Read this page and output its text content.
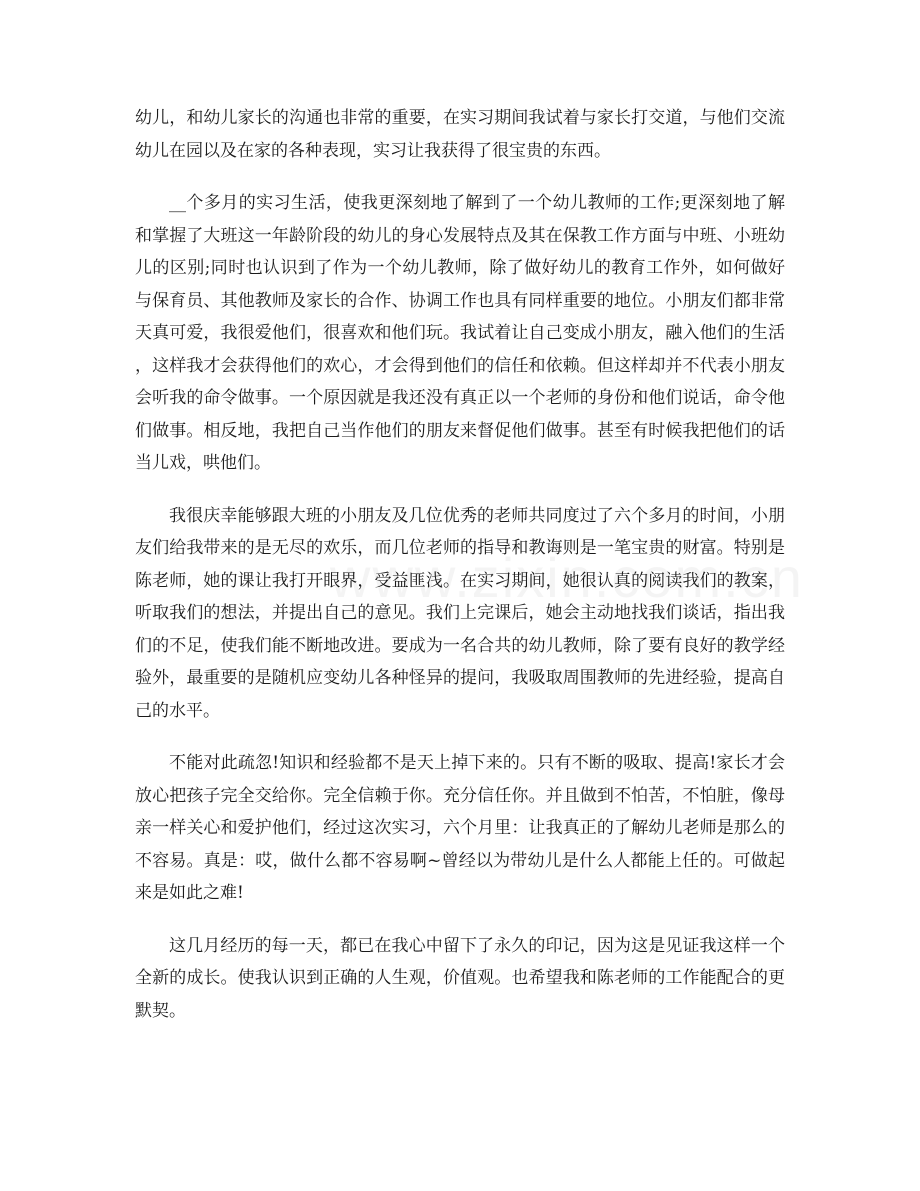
幼儿，和幼儿家长的沟通也非常的重要，在实习期间我试着与家长打交道，与他们交流幼儿在园以及在家的各种表现，实习让我获得了很宝贵的东西。

__个多月的实习生活，使我更深刻地了解到了一个幼儿教师的工作;更深刻地了解和掌握了大班这一年龄阶段的幼儿的身心发展特点及其在保教工作方面与中班、小班幼儿的区别;同时也认识到了作为一个幼儿教师，除了做好幼儿的教育工作外，如何做好与保育员、其他教师及家长的合作、协调工作也具有同样重要的地位。小朋友们都非常天真可爱，我很爱他们，很喜欢和他们玩。我试着让自己变成小朋友，融入他们的生活，这样我才会获得他们的欢心，才会得到他们的信任和依赖。但这样却并不代表小朋友会听我的命令做事。一个原因就是我还没有真正以一个老师的身份和他们说话，命令他们做事。相反地，我把自己当作他们的朋友来督促他们做事。甚至有时候我把他们的话当儿戏，哄他们。

我很庆幸能够跟大班的小朋友及几位优秀的老师共同度过了六个多月的时间，小朋友们给我带来的是无尽的欢乐，而几位老师的指导和教诲则是一笔宝贵的财富。特别是陈老师，她的课让我打开眼界，受益匪浅。在实习期间，她很认真的阅读我们的教案，听取我们的想法，并提出自己的意见。我们上完课后，她会主动地找我们谈话，指出我们的不足，使我们能不断地改进。要成为一名合共的幼儿教师，除了要有良好的教学经验外，最重要的是随机应变幼儿各种怪异的提问，我吸取周围教师的先进经验，提高自己的水平。

不能对此疏忽!知识和经验都不是天上掉下来的。只有不断的吸取、提高!家长才会放心把孩子完全交给你。完全信赖于你。充分信任你。并且做到不怕苦，不怕脏，像母亲一样关心和爱护他们，经过这次实习，六个月里：让我真正的了解幼儿老师是那么的不容易。真是：哎，做什么都不容易啊~曾经以为带幼儿是什么人都能上任的。可做起来是如此之难!

这几月经历的每一天，都已在我心中留下了永久的印记，因为这是见证我这样一个全新的成长。使我认识到正确的人生观，价值观。也希望我和陈老师的工作能配合的更默契。
